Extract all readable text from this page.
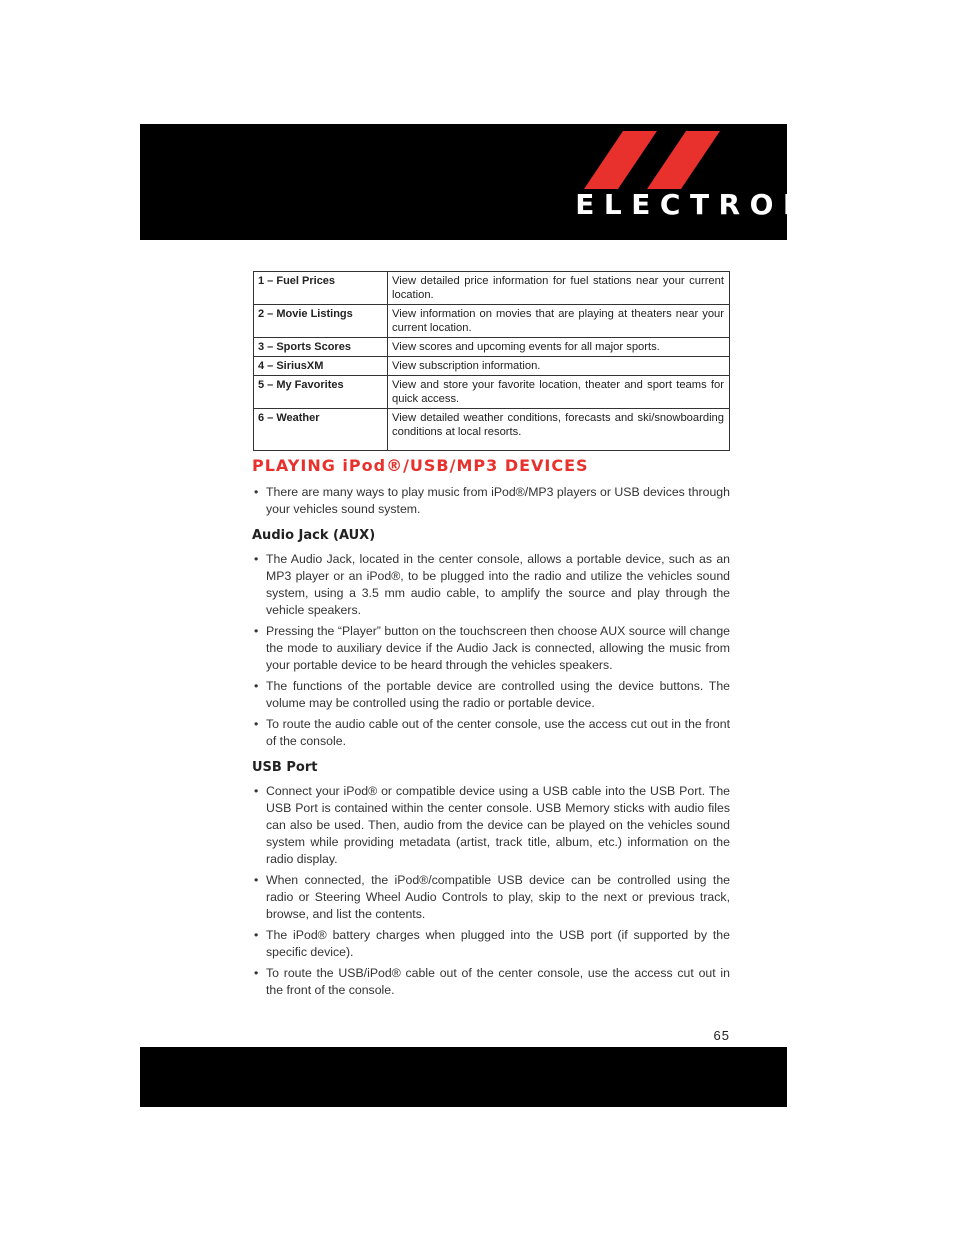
ELECTRONICS
1 – Fuel Prices	View detailed price information for fuel stations near your current location.
2 – Movie Listings	View information on movies that are playing at theaters near your current location.
3 – Sports Scores	View scores and upcoming events for all major sports.
4 – SiriusXM	View subscription information.
5 – My Favorites	View and store your favorite location, theater and sport teams for quick access.
6 – Weather	View detailed weather conditions, forecasts and ski/snowboarding conditions at local resorts.
PLAYING iPod®/USB/MP3 DEVICES
• There are many ways to play music from iPod®/MP3 players or USB devices through your vehicles sound system.
Audio Jack (AUX)
• The Audio Jack, located in the center console, allows a portable device, such as an MP3 player or an iPod®, to be plugged into the radio and utilize the vehicles sound system, using a 3.5 mm audio cable, to amplify the source and play through the vehicle speakers.
• Pressing the “Player” button on the touchscreen then choose AUX source will change the mode to auxiliary device if the Audio Jack is connected, allowing the music from your portable device to be heard through the vehicles speakers.
• The functions of the portable device are controlled using the device buttons. The volume may be controlled using the radio or portable device.
• To route the audio cable out of the center console, use the access cut out in the front of the console.
USB Port
• Connect your iPod® or compatible device using a USB cable into the USB Port. The USB Port is contained within the center console. USB Memory sticks with audio files can also be used. Then, audio from the device can be played on the vehicles sound system while providing metadata (artist, track title, album, etc.) information on the radio display.
• When connected, the iPod®/compatible USB device can be controlled using the radio or Steering Wheel Audio Controls to play, skip to the next or previous track, browse, and list the contents.
• The iPod® battery charges when plugged into the USB port (if supported by the specific device).
• To route the USB/iPod® cable out of the center console, use the access cut out in the front of the console.
65
